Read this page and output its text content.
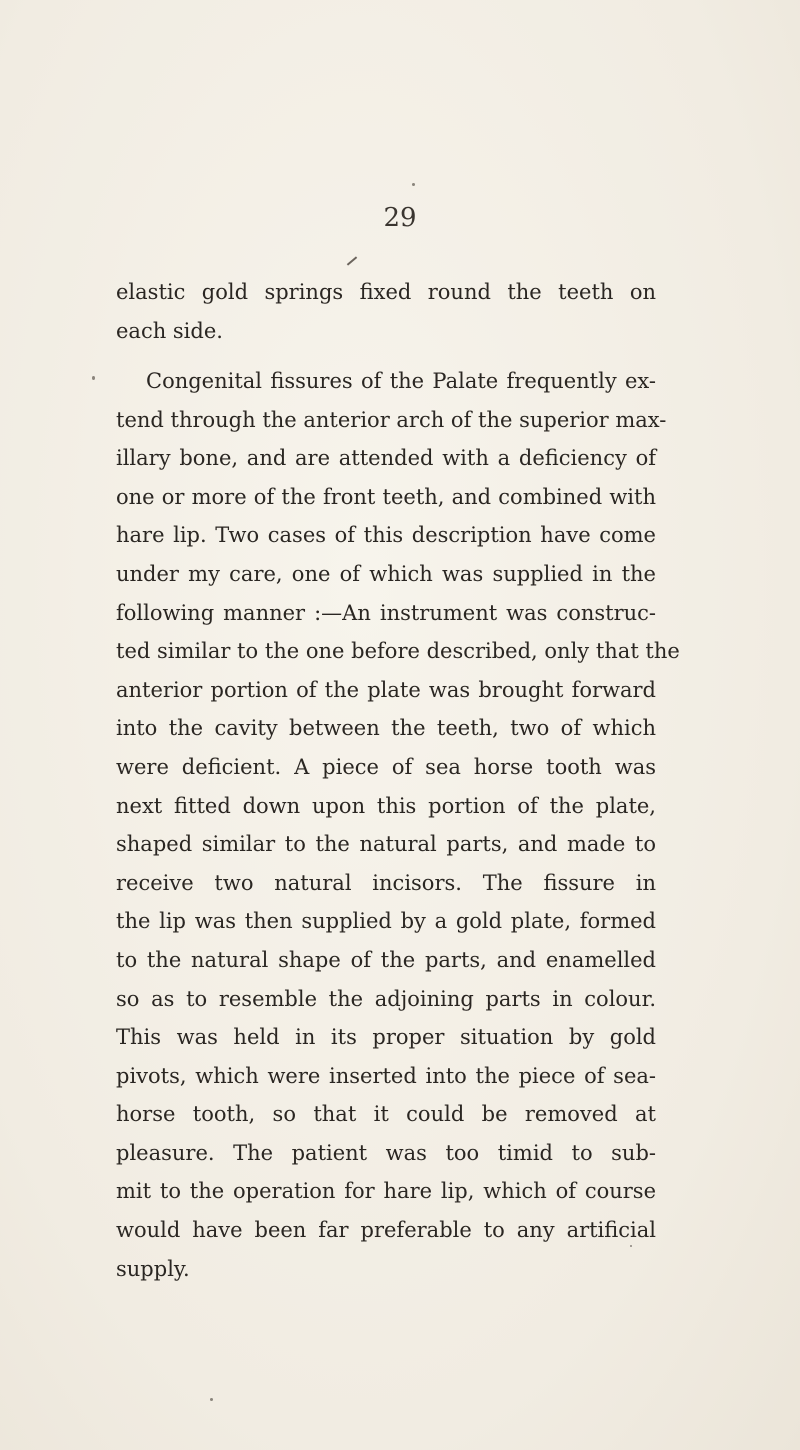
29
elastic gold springs fixed round the teeth on
each side.
Congenital fissures of the Palate frequently ex-
tend through the anterior arch of the superior max-
illary bone, and are attended with a deficiency of
one or more of the front teeth, and combined with
hare lip. Two cases of this description have come
under my care, one of which was supplied in the
following manner :—An instrument was construc-
ted similar to the one before described, only that the
anterior portion of the plate was brought forward
into the cavity between the teeth, two of which
were deficient. A piece of sea horse tooth was
next fitted down upon this portion of the plate,
shaped similar to the natural parts, and made to
receive two natural incisors. The fissure in
the lip was then supplied by a gold plate, formed
to the natural shape of the parts, and enamelled
so as to resemble the adjoining parts in colour.
This was held in its proper situation by gold
pivots, which were inserted into the piece of sea-
horse tooth, so that it could be removed at
pleasure. The patient was too timid to sub-
mit to the operation for hare lip, which of course
would have been far preferable to any artificial
supply.
